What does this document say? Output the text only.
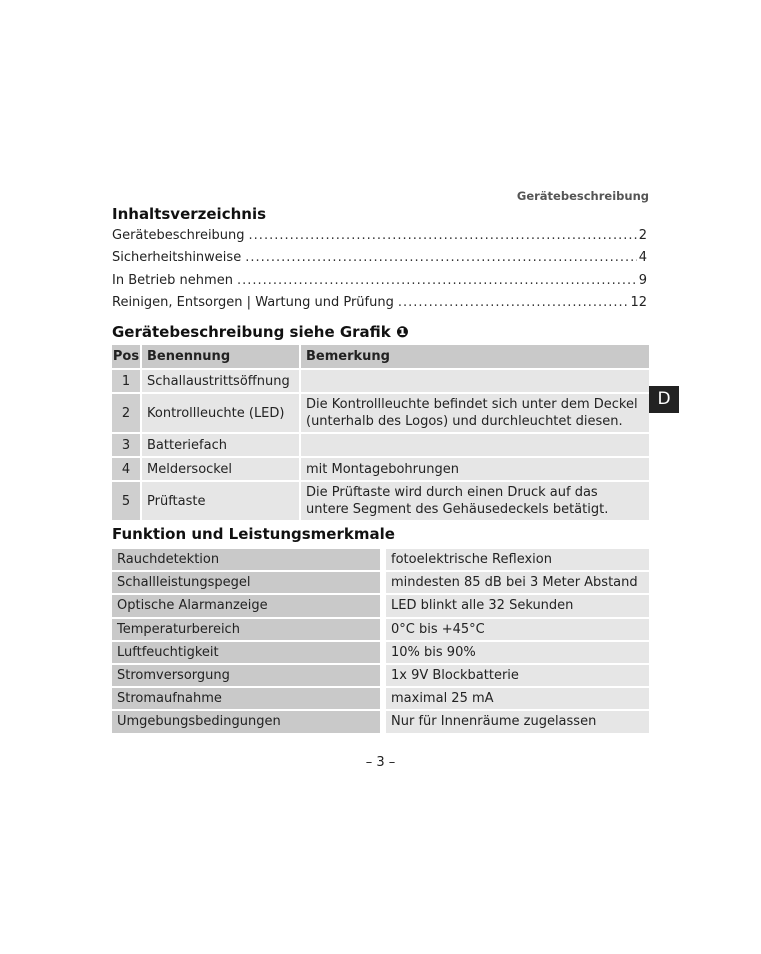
Gerätebeschreibung
Inhaltsverzeichnis
Gerätebeschreibung .....	2
Sicherheitshinweise .....	4
In Betrieb nehmen .....	9
Reinigen, Entsorgen | Wartung und Prüfung .....	12
Gerätebeschreibung siehe Grafik ❶
D
Pos	Benennung	Bemerkung
1	Schallaustrittsöffnung	
2	Kontrollleuchte (LED)	Die Kontrollleuchte befindet sich unter dem Deckel
(unterhalb des Logos) und durchleuchtet diesen.
3	Batteriefach	
4	Meldersockel	mit Montagebohrungen
5	Prüftaste	Die Prüftaste wird durch einen Druck auf das
untere Segment des Gehäusedeckels betätigt.
Funktion und Leistungsmerkmale
Rauchdetektion	fotoelektrische Reflexion
Schallleistungspegel	mindesten 85 dB bei 3 Meter Abstand
Optische Alarmanzeige	LED blinkt alle 32 Sekunden
Temperaturbereich	0°C bis +45°C
Luftfeuchtigkeit	10% bis 90%
Stromversorgung	1x 9V Blockbatterie
Stromaufnahme	maximal 25 mA
Umgebungsbedingungen	Nur für Innenräume zugelassen
– 3 –
